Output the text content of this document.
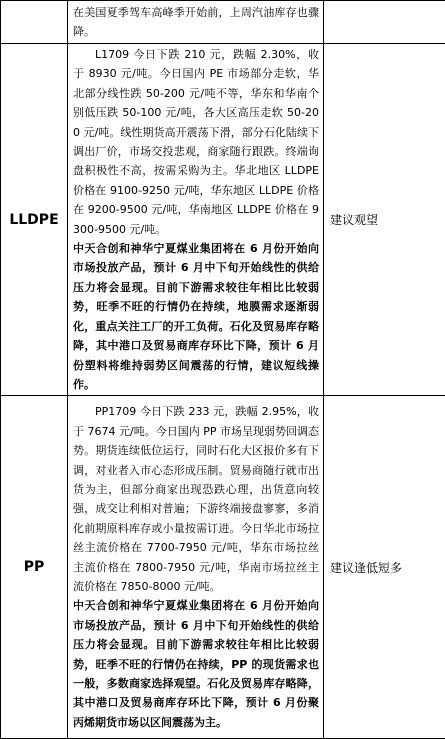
	在美国夏季驾车高峰季开始前，上周汽油库存也骤降。	

LLDPE	L1709 今日下跌 210 元，跌幅 2.30%，收于 8930 元/吨。今日国内 PE 市场部分走软，华北部分线性跌 50-200 元/吨不等，华东和华南个别低压跌 50-100 元/吨，各大区高压走软 50-200 元/吨。线性期货高开震荡下滑，部分石化陆续下调出厂价，市场交投悲观，商家随行跟跌。终端询盘积极性不高，按需采购为主。华北地区 LLDPE 价格在 9100-9250 元/吨，华东地区 LLDPE 价格在 9200-9500 元/吨，华南地区 LLDPE 价格在 9300-9500 元/吨。
中天合创和神华宁夏煤业集团将在 6 月份开始向市场投放产品，预计 6 月中下旬开始线性的供给 压力将会显现。目前下游需求较往年相比比较弱势，旺季不旺的行情仍在持续，地膜需求逐渐弱化，重点关注工厂的开工负荷。石化及贸易库存略降，其中港口及贸易商库存环比下降，预计 6 月份塑料将维持弱势区间震荡的行情，建议短线操作。	建议观望
PP	PP1709 今日下跌 233 元，跌幅 2.95%，收于 7674 元/吨。今日国内 PP 市场呈现弱势回调态势。期货连续低位运行，同时石化大区报价多有下调，对业者入市心态形成压制。贸易商随行就市出货为主，但部分商家出现恐跌心理，出货意向较强，成交让利相对普遍；下游终端接盘寥寥，多消化前期原料库存或小量按需订进。今日华北市场拉丝主流价格在 7700-7950 元/吨，华东市场拉丝主流价格在 7800-7950 元/吨，华南市场拉丝主流价格在 7850-8000 元/吨。
中天合创和神华宁夏煤业集团将在 6 月份开始向市场投放产品，预计 6 月中下旬开始线性的供给 压力将会显现。目前下游需求较往年相比比较弱势，旺季不旺的行情仍在持续，PP 的现货需求也一般，多数商家选择观望。石化及贸易库存略降，其中港口及贸易商库存环比下降，预计 6 月份聚丙烯期货市场以区间震荡为主。	建议逢低短多
